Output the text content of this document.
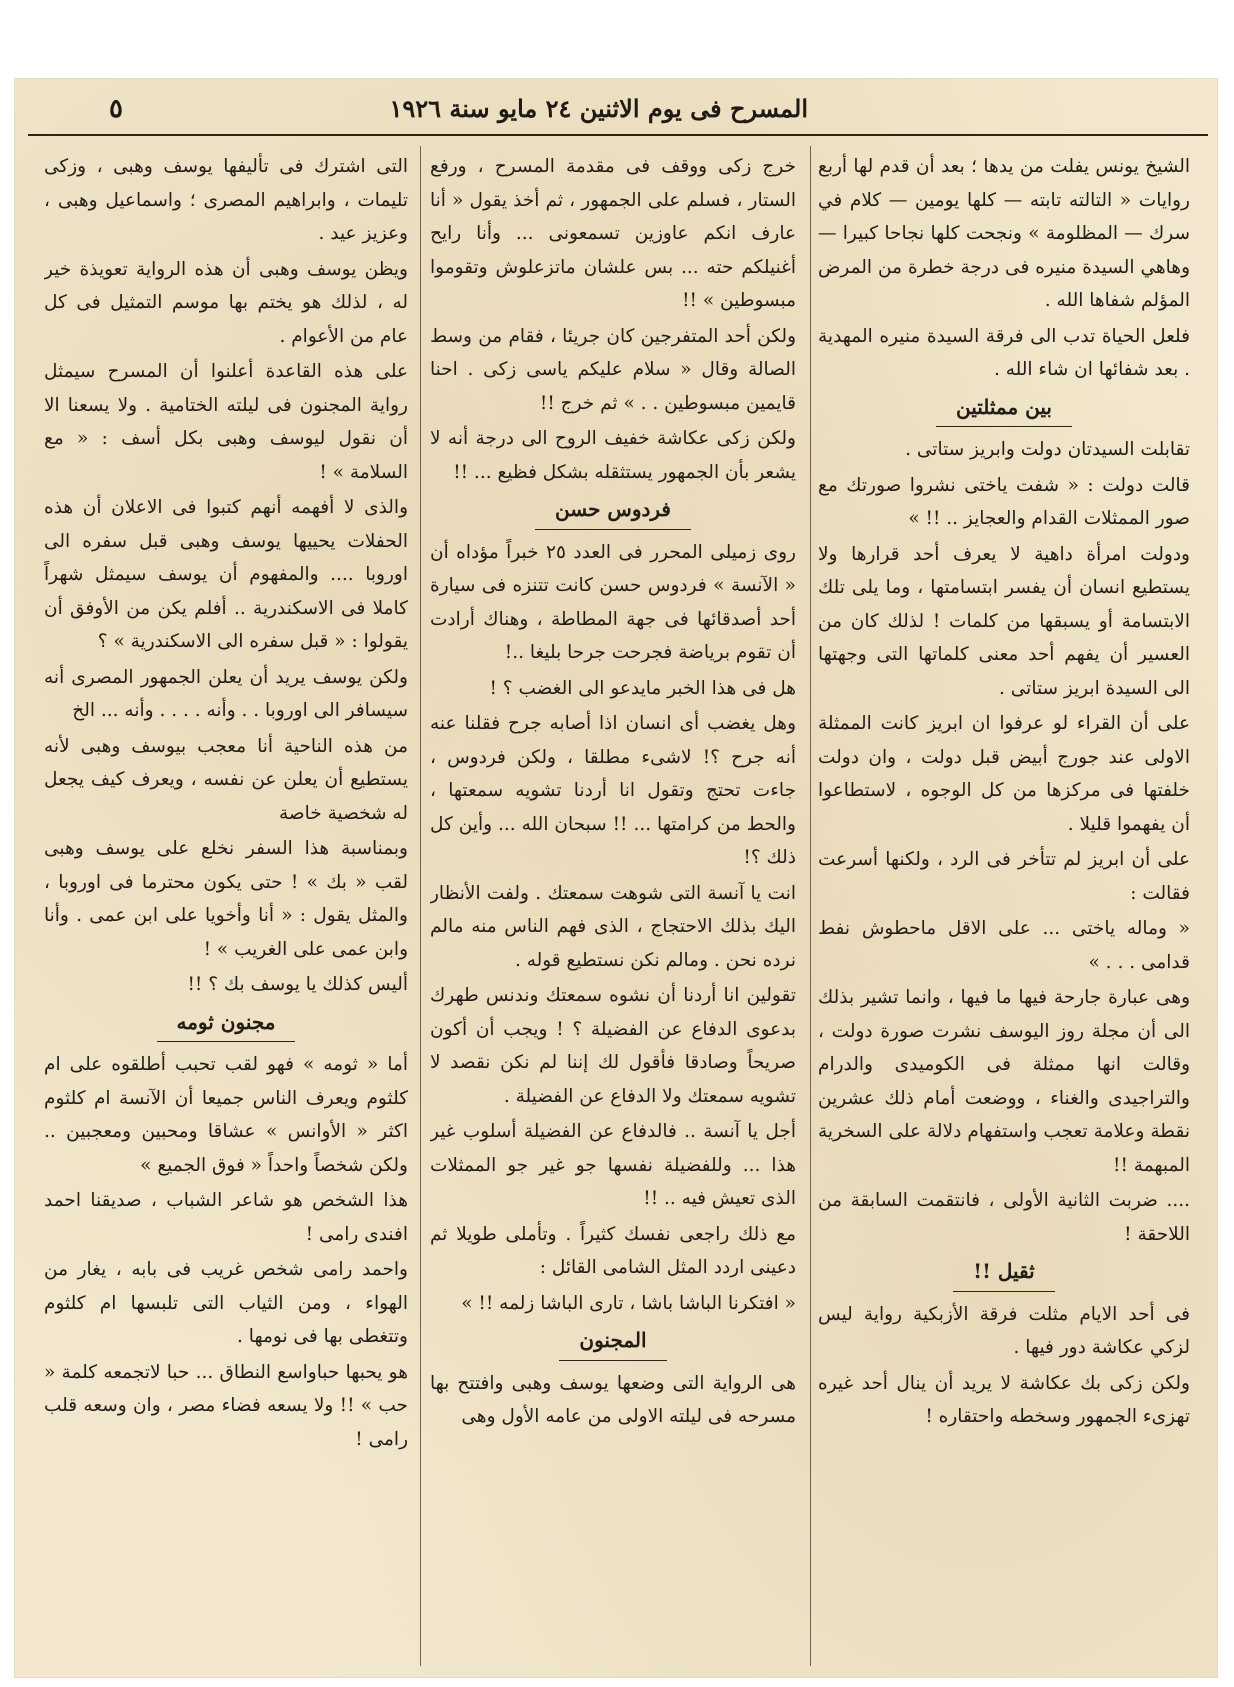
المسرح فى يوم الاثنين ٢٤ مايو سنة ١٩٢٦
٥

الشيخ يونس يفلت من يدها ؛ بعد أن قدم لها أربع روايات « التالته تابته — كلها يومين — كلام في سرك — المظلومة » ونجحت كلها نجاحا كبيرا — وهاهي السيدة منيره فى درجة خطرة من المرض المؤلم شفاها الله .

فلعل الحياة تدب الى فرقة السيدة منيره المهدية . بعد شفائها ان شاء الله .

بين ممثلتين

تقابلت السيدتان دولت وابريز ستاتى .

قالت دولت : « شفت ياختى نشروا صورتك مع صور الممثلات القدام والعجايز .. !! »

ودولت امرأة داهية لا يعرف أحد قرارها ولا يستطيع انسان أن يفسر ابتسامتها ، وما يلى تلك الابتسامة أو يسبقها من كلمات ! لذلك كان من العسير أن يفهم أحد معنى كلماتها التى وجهتها الى السيدة ابريز ستاتى .

على أن القراء لو عرفوا ان ابريز كانت الممثلة الاولى عند جورج أبيض قبل دولت ، وان دولت خلفتها فى مركزها من كل الوجوه ، لاستطاعوا أن يفهموا قليلا .

على أن ابريز لم تتأخر فى الرد ، ولكنها أسرعت فقالت :

« وماله ياختى ... على الاقل ماحطوش نفط قدامى . . . »

وهى عبارة جارحة فيها ما فيها ، وانما تشير بذلك الى أن مجلة روز اليوسف نشرت صورة دولت ، وقالت انها ممثلة فى الكوميدى والدرام والتراجيدى والغناء ، ووضعت أمام ذلك عشرين نقطة وعلامة تعجب واستفهام دلالة على السخرية المبهمة !!

.... ضربت الثانية الأولى ، فانتقمت السابقة من اللاحقة !

ثقيل !!

فى أحد الايام مثلت فرقة الأزبكية رواية ليس لزكي عكاشة دور فيها .

ولكن زكى بك عكاشة لا يريد أن ينال أحد غيره تهزىء الجمهور وسخطه واحتقاره !

خرج زكى ووقف فى مقدمة المسرح ، ورفع الستار ، فسلم على الجمهور ، ثم أخذ يقول « أنا عارف انكم عاوزين تسمعونى ... وأنا رايح أغنيلكم حته ... بس علشان ماتزعلوش وتقوموا مبسوطين » !!

ولكن أحد المتفرجين كان جريئا ، فقام من وسط الصالة وقال « سلام عليكم ياسى زكى . احنا قايمين مبسوطين . . » ثم خرج !!

ولكن زكى عكاشة خفيف الروح الى درجة أنه لا يشعر بأن الجمهور يستثقله بشكل فظيع ... !!

فردوس حسن

روى زميلى المحرر فى العدد ٢٥ خبراً مؤداه أن « الآنسة » فردوس حسن كانت تتنزه فى سيارة أحد أصدقائها فى جهة المطاطة ، وهناك أرادت أن تقوم برياضة فجرحت جرحا بليغا ..!

هل فى هذا الخبر مايدعو الى الغضب ؟ !

وهل يغضب أى انسان اذا أصابه جرح فقلنا عنه أنه جرح ؟! لاشىء مطلقا ، ولكن فردوس ، جاءت تحتج وتقول انا أردنا تشويه سمعتها ، والحط من كرامتها ... !! سبحان الله ... وأين كل ذلك ؟!

انت يا آنسة التى شوهت سمعتك . ولفت الأنظار اليك بذلك الاحتجاج ، الذى فهم الناس منه مالم نرده نحن . ومالم نكن نستطيع قوله .

تقولين انا أردنا أن نشوه سمعتك وندنس طهرك بدعوى الدفاع عن الفضيلة ؟ ! ويجب أن أكون صريحاً وصادقا فأقول لك إننا لم نكن نقصد لا تشويه سمعتك ولا الدفاع عن الفضيلة .

أجل يا آنسة .. فالدفاع عن الفضيلة أسلوب غير هذا ... وللفضيلة نفسها جو غير جو الممثلات الذى تعيش فيه .. !!

مع ذلك راجعى نفسك كثيراً . وتأملى طويلا ثم دعينى اردد المثل الشامى القائل :

« افتكرنا الباشا باشا ، تارى الباشا زلمه !! »

المجنون

هى الرواية التى وضعها يوسف وهبى وافتتح بها مسرحه فى ليلته الاولى من عامه الأول وهى

التى اشترك فى تأليفها يوسف وهبى ، وزكى تليمات ، وابراهيم المصرى ؛ واسماعيل وهبى ، وعزيز عيد .

ويظن يوسف وهبى أن هذه الرواية تعويذة خير له ، لذلك هو يختم بها موسم التمثيل فى كل عام من الأعوام .

على هذه القاعدة أعلنوا أن المسرح سيمثل رواية المجنون فى ليلته الختامية . ولا يسعنا الا أن نقول ليوسف وهبى بكل أسف : « مع السلامة » !

والذى لا أفهمه أنهم كتبوا فى الاعلان أن هذه الحفلات يحييها يوسف وهبى قبل سفره الى اوروبا .... والمفهوم أن يوسف سيمثل شهراً كاملا فى الاسكندرية .. أفلم يكن من الأوفق أن يقولوا : « قبل سفره الى الاسكندرية » ؟

ولكن يوسف يريد أن يعلن الجمهور المصرى أنه سيسافر الى اوروبا . . وأنه . . . . وأنه ... الخ

من هذه الناحية أنا معجب بيوسف وهبى لأنه يستطيع أن يعلن عن نفسه ، ويعرف كيف يجعل له شخصية خاصة

وبمناسبة هذا السفر نخلع على يوسف وهبى لقب « بك » ! حتى يكون محترما فى اوروبا ، والمثل يقول : « أنا وأخويا على ابن عمى . وأنا وابن عمى على الغريب » !

أليس كذلك يا يوسف بك ؟ !!

مجنون ثومه

أما « ثومه » فهو لقب تحبب أطلقوه على ام كلثوم ويعرف الناس جميعا أن الآنسة ام كلثوم اكثر « الأوانس » عشاقا ومحبين ومعجبين .. ولكن شخصاً واحداً « فوق الجميع »

هذا الشخص هو شاعر الشباب ، صديقنا احمد افندى رامى !

واحمد رامى شخص غريب فى بابه ، يغار من الهواء ، ومن الثياب التى تلبسها ام كلثوم وتتغطى بها فى نومها .

هو يحبها حباواسع النطاق ... حبا لاتجمعه كلمة « حب » !! ولا يسعه فضاء مصر ، وان وسعه قلب رامى !
